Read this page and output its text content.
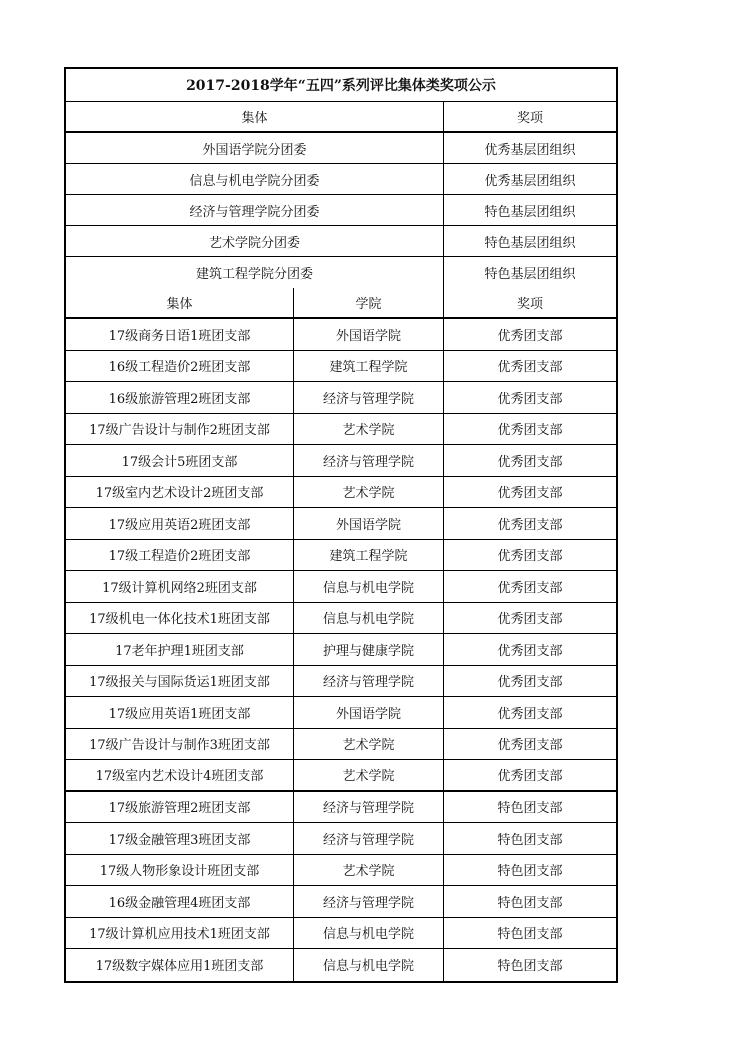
2017-2018学年“五四”系列评比集体类奖项公示
集体	奖项
外国语学院分团委	优秀基层团组织
信息与机电学院分团委	优秀基层团组织
经济与管理学院分团委	特色基层团组织
艺术学院分团委	特色基层团组织
建筑工程学院分团委	特色基层团组织
集体	学院	奖项
17级商务日语1班团支部	外国语学院	优秀团支部
16级工程造价2班团支部	建筑工程学院	优秀团支部
16级旅游管理2班团支部	经济与管理学院	优秀团支部
17级广告设计与制作2班团支部	艺术学院	优秀团支部
17级会计5班团支部	经济与管理学院	优秀团支部
17级室内艺术设计2班团支部	艺术学院	优秀团支部
17级应用英语2班团支部	外国语学院	优秀团支部
17级工程造价2班团支部	建筑工程学院	优秀团支部
17级计算机网络2班团支部	信息与机电学院	优秀团支部
17级机电一体化技术1班团支部	信息与机电学院	优秀团支部
17老年护理1班团支部	护理与健康学院	优秀团支部
17级报关与国际货运1班团支部	经济与管理学院	优秀团支部
17级应用英语1班团支部	外国语学院	优秀团支部
17级广告设计与制作3班团支部	艺术学院	优秀团支部
17级室内艺术设计4班团支部	艺术学院	优秀团支部
17级旅游管理2班团支部	经济与管理学院	特色团支部
17级金融管理3班团支部	经济与管理学院	特色团支部
17级人物形象设计班团支部	艺术学院	特色团支部
16级金融管理4班团支部	经济与管理学院	特色团支部
17级计算机应用技术1班团支部	信息与机电学院	特色团支部
17级数字媒体应用1班团支部	信息与机电学院	特色团支部
